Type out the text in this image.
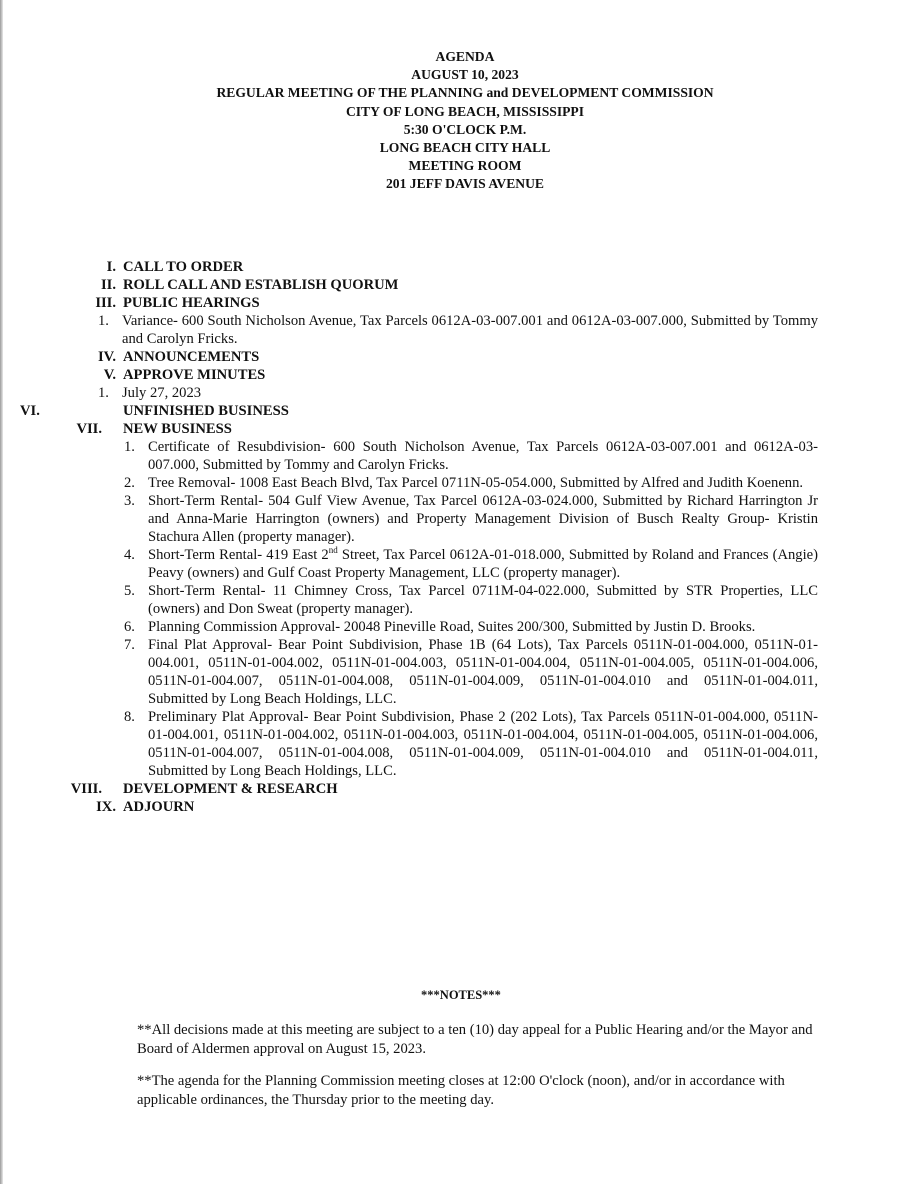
AGENDA
AUGUST 10, 2023
REGULAR MEETING OF THE PLANNING and DEVELOPMENT COMMISSION
CITY OF LONG BEACH, MISSISSIPPI
5:30 O'CLOCK P.M.
LONG BEACH CITY HALL
MEETING ROOM
201 JEFF DAVIS AVENUE
I. CALL TO ORDER
II. ROLL CALL AND ESTABLISH QUORUM
III. PUBLIC HEARINGS
1. Variance- 600 South Nicholson Avenue, Tax Parcels 0612A-03-007.001 and 0612A-03-007.000, Submitted by Tommy and Carolyn Fricks.

IV. ANNOUNCEMENTS
V. APPROVE MINUTES
1. July 27, 2023

VI.	UNFINISHED BUSINESS
VII. NEW BUSINESS
1. Certificate of Resubdivision- 600 South Nicholson Avenue, Tax Parcels 0612A-03-007.001 and 0612A-03-007.000, Submitted by Tommy and Carolyn Fricks.

2. Tree Removal- 1008 East Beach Blvd, Tax Parcel 0711N-05-054.000, Submitted by Alfred and Judith Koenenn.

3. Short-Term Rental- 504 Gulf View Avenue, Tax Parcel 0612A-03-024.000, Submitted by Richard Harrington Jr and Anna-Marie Harrington (owners) and Property Management Division of Busch Realty Group- Kristin Stachura Allen (property manager).

4. Short-Term Rental- 419 East 2nd Street, Tax Parcel 0612A-01-018.000, Submitted by Roland and Frances (Angie) Peavy (owners) and Gulf Coast Property Management, LLC (property manager).

5. Short-Term Rental- 11 Chimney Cross, Tax Parcel 0711M-04-022.000, Submitted by STR Properties, LLC (owners) and Don Sweat (property manager).

6. Planning Commission Approval- 20048 Pineville Road, Suites 200/300, Submitted by Justin D. Brooks.

7. Final Plat Approval- Bear Point Subdivision, Phase 1B (64 Lots), Tax Parcels 0511N-01-004.000, 0511N-01-004.001, 0511N-01-004.002, 0511N-01-004.003, 0511N-01-004.004, 0511N-01-004.005, 0511N-01-004.006, 0511N-01-004.007, 0511N-01-004.008, 0511N-01-004.009, 0511N-01-004.010 and 0511N-01-004.011, Submitted by Long Beach Holdings, LLC.

8. Preliminary Plat Approval- Bear Point Subdivision, Phase 2 (202 Lots), Tax Parcels 0511N-01-004.000, 0511N-01-004.001, 0511N-01-004.002, 0511N-01-004.003, 0511N-01-004.004, 0511N-01-004.005, 0511N-01-004.006, 0511N-01-004.007, 0511N-01-004.008, 0511N-01-004.009, 0511N-01-004.010 and 0511N-01-004.011, Submitted by Long Beach Holdings, LLC.

VIII. DEVELOPMENT & RESEARCH
IX. ADJOURN
***NOTES***

**All decisions made at this meeting are subject to a ten (10) day appeal for a Public Hearing and/or the Mayor and Board of Aldermen approval on August 15, 2023.

**The agenda for the Planning Commission meeting closes at 12:00 O'clock (noon), and/or in accordance with applicable ordinances, the Thursday prior to the meeting day.
